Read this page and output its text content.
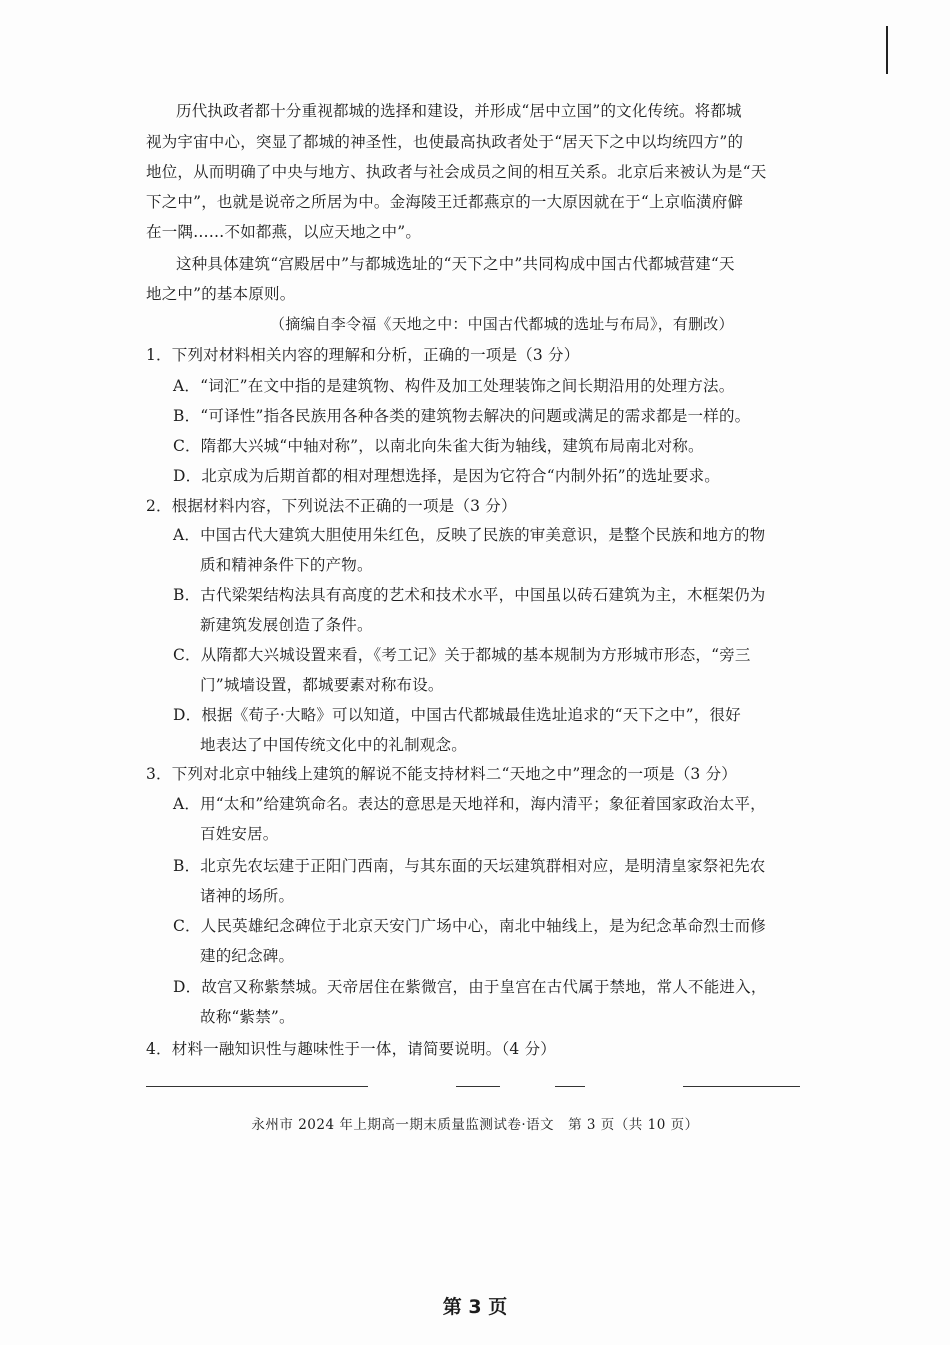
历代执政者都十分重视都城的选择和建设，并形成“居中立国”的文化传统。将都城
视为宇宙中心，突显了都城的神圣性，也使最高执政者处于“居天下之中以均统四方”的
地位，从而明确了中央与地方、执政者与社会成员之间的相互关系。北京后来被认为是“天
下之中”，也就是说帝之所居为中。金海陵王迁都燕京的一大原因就在于“上京临潢府僻
在一隅……不如都燕，以应天地之中”。
这种具体建筑“宫殿居中”与都城选址的“天下之中”共同构成中国古代都城营建“天
地之中”的基本原则。
（摘编自李令福《天地之中：中国古代都城的选址与布局》，有删改）
1．下列对材料相关内容的理解和分析，正确的一项是（3 分）
A．“词汇”在文中指的是建筑物、构件及加工处理装饰之间长期沿用的处理方法。
B．“可译性”指各民族用各种各类的建筑物去解决的问题或满足的需求都是一样的。
C．隋都大兴城“中轴对称”，以南北向朱雀大街为轴线，建筑布局南北对称。
D．北京成为后期首都的相对理想选择，是因为它符合“内制外拓”的选址要求。
2．根据材料内容，下列说法不正确的一项是（3 分）
A．中国古代大建筑大胆使用朱红色，反映了民族的审美意识，是整个民族和地方的物
质和精神条件下的产物。
B．古代梁架结构法具有高度的艺术和技术水平，中国虽以砖石建筑为主，木框架仍为
新建筑发展创造了条件。
C．从隋都大兴城设置来看，《考工记》关于都城的基本规制为方形城市形态，“旁三
门”城墙设置，都城要素对称布设。
D．根据《荀子·大略》可以知道，中国古代都城最佳选址追求的“天下之中”，很好
地表达了中国传统文化中的礼制观念。
3．下列对北京中轴线上建筑的解说不能支持材料二“天地之中”理念的一项是（3 分）
A．用“太和”给建筑命名。表达的意思是天地祥和，海内清平；象征着国家政治太平，
百姓安居。
B．北京先农坛建于正阳门西南，与其东面的天坛建筑群相对应，是明清皇家祭祀先农
诸神的场所。
C．人民英雄纪念碑位于北京天安门广场中心，南北中轴线上，是为纪念革命烈士而修
建的纪念碑。
D．故宫又称紫禁城。天帝居住在紫微宫，由于皇宫在古代属于禁地，常人不能进入，
故称“紫禁”。
4．材料一融知识性与趣味性于一体，请简要说明。（4 分）
永州市 2024 年上期高一期末质量监测试卷·语文　第 3 页（共 10 页）
第 3 页
